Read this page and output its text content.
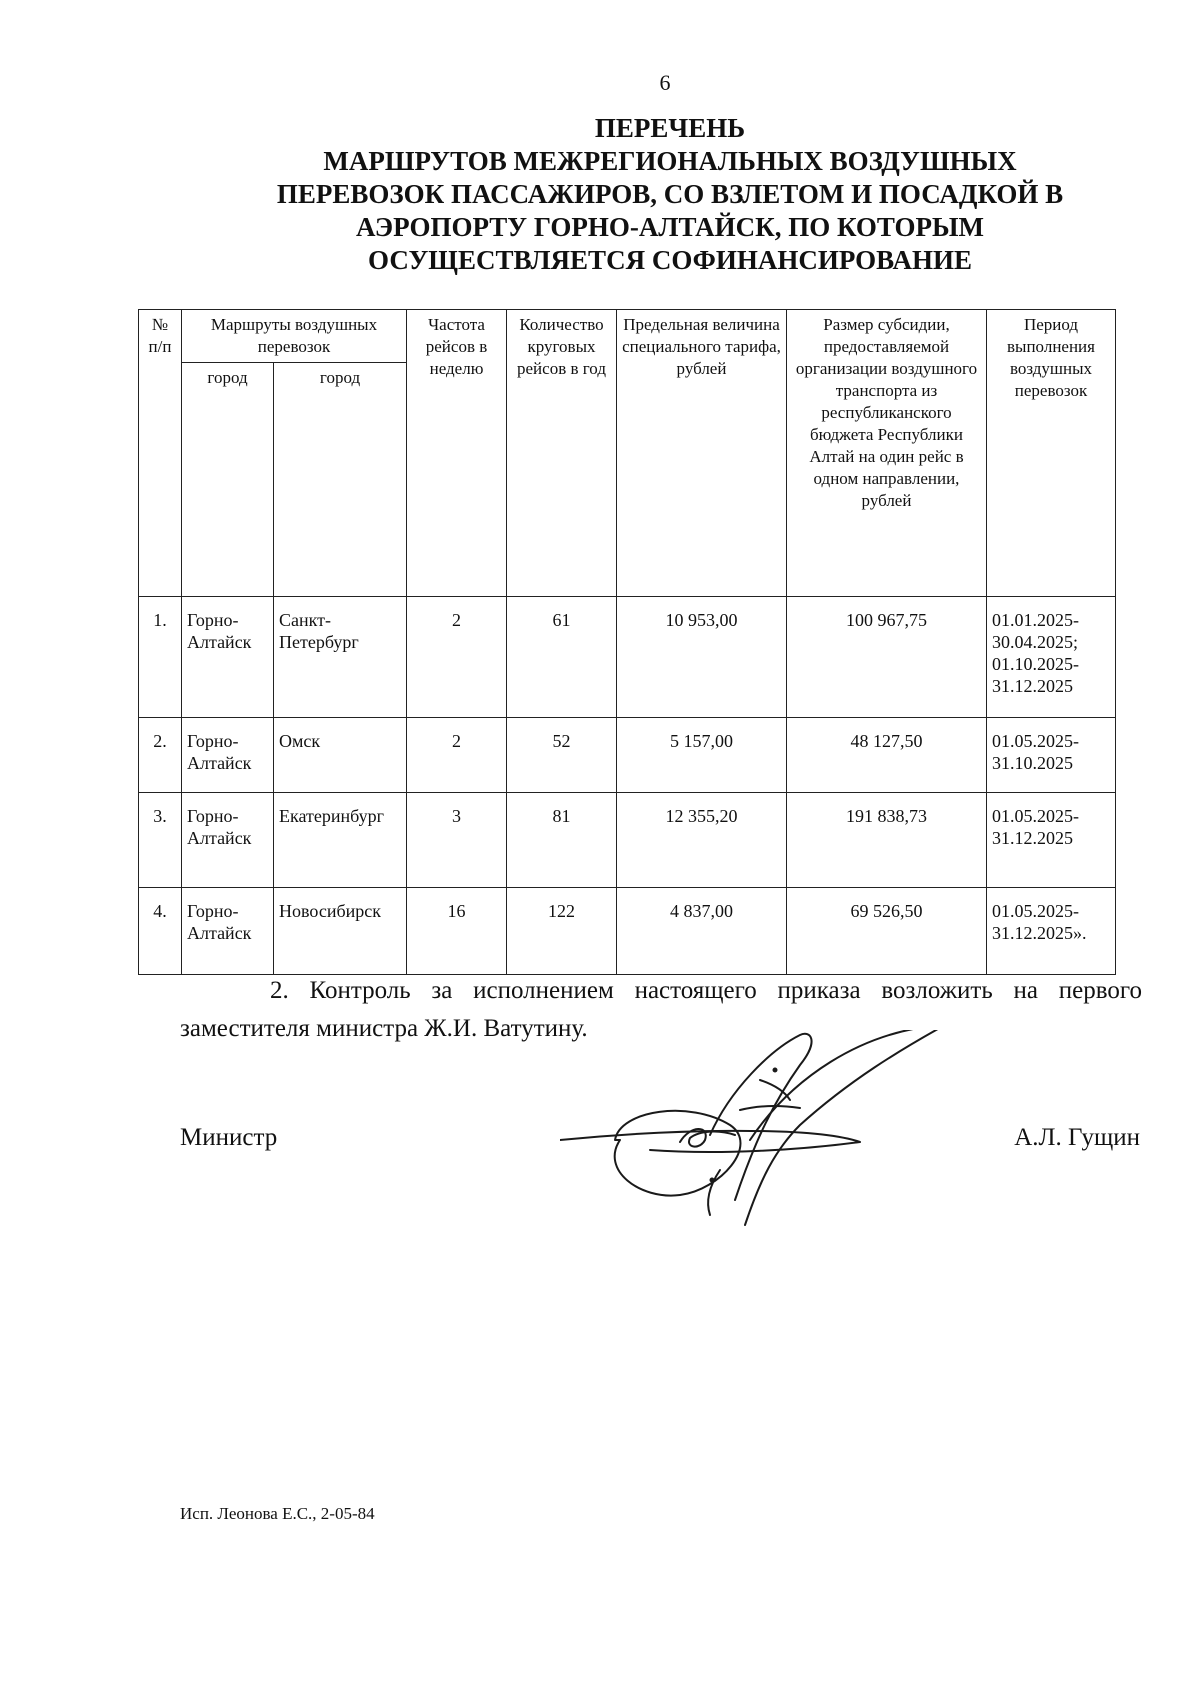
6
ПЕРЕЧЕНЬ
МАРШРУТОВ МЕЖРЕГИОНАЛЬНЫХ ВОЗДУШНЫХ
ПЕРЕВОЗОК ПАССАЖИРОВ, СО ВЗЛЕТОМ И ПОСАДКОЙ В
АЭРОПОРТУ ГОРНО-АЛТАЙСК, ПО КОТОРЫМ
ОСУЩЕСТВЛЯЕТСЯ СОФИНАНСИРОВАНИЕ
№ п/п	Маршруты воздушных перевозок		Частота рейсов в неделю	Количество круговых рейсов в год	Предельная величина специального тарифа, рублей	Размер субсидии, предоставляемой организации воздушного транспорта из республиканского бюджета Республики Алтай на один рейс в одном направлении, рублей	Период выполнения воздушных перевозок
	город	город					
1.	Горно-Алтайск	Санкт-Петербург	2	61	10 953,00	100 967,75	01.01.2025-30.04.2025; 01.10.2025-31.12.2025
2.	Горно-Алтайск	Омск	2	52	5 157,00	48 127,50	01.05.2025-31.10.2025
3.	Горно-Алтайск	Екатеринбург	3	81	12 355,20	191 838,73	01.05.2025-31.12.2025
4.	Горно-Алтайск	Новосибирск	16	122	4 837,00	69 526,50	01.05.2025-31.12.2025».

2. Контроль за исполнением настоящего приказа возложить на первого заместителя министра Ж.И. Ватутину.

Министр	А.Л. Гущин
Исп. Леонова Е.С., 2-05-84
